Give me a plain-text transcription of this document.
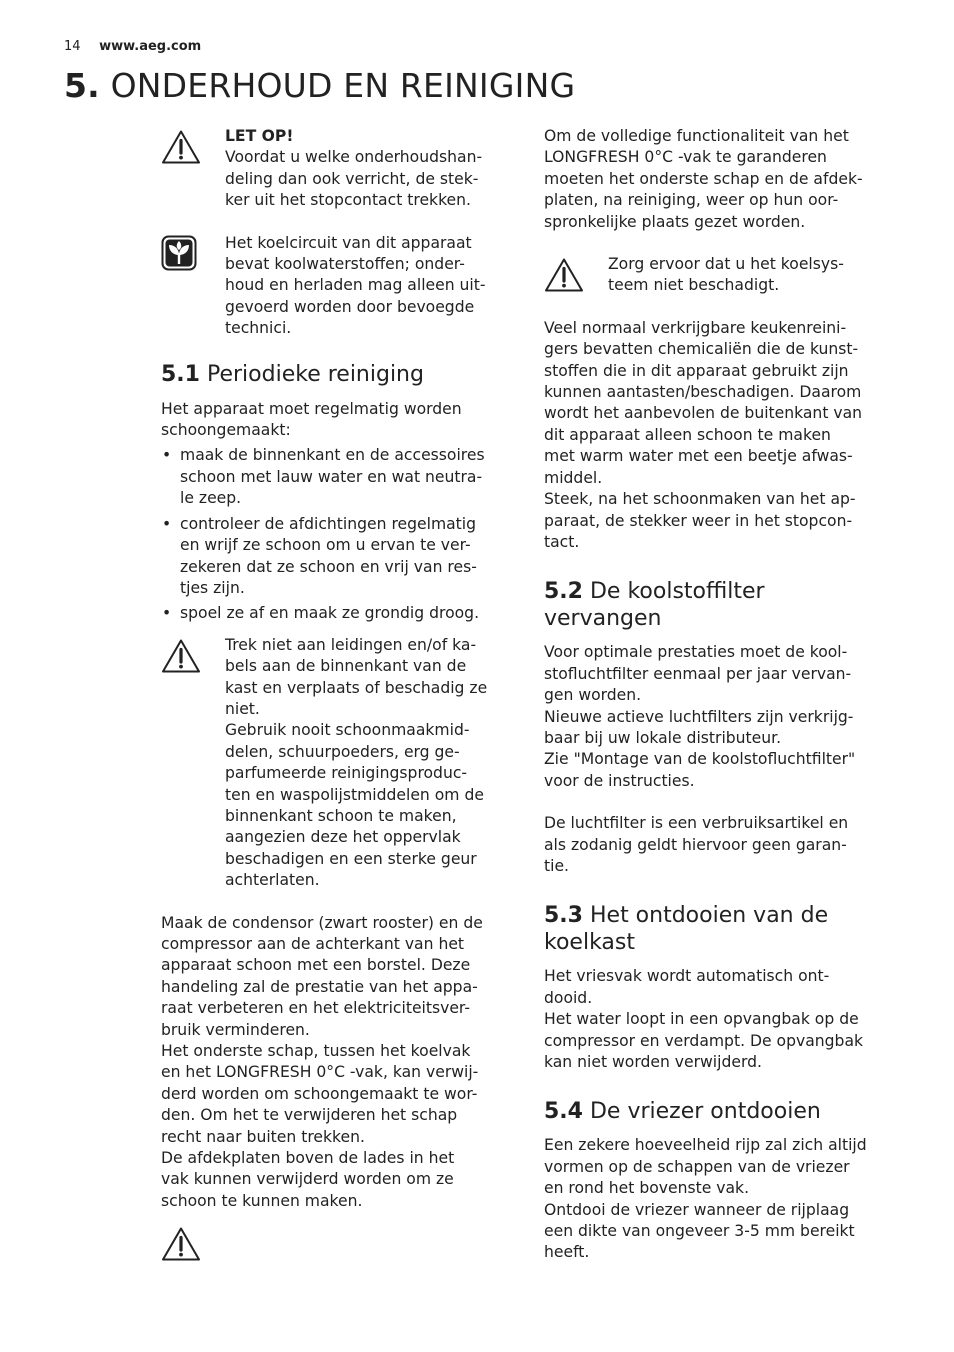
14 www.aeg.com
5. ONDERHOUD EN REINIGING

LET OP!

Voordat u welke onderhoudshan-
deling dan ook verricht, de stek-
ker uit het stopcontact trekken.

Het koelcircuit van dit apparaat
bevat koolwaterstoffen; onder-
houd en herladen mag alleen uit-
gevoerd worden door bevoegde
technici.

5.1 Periodieke reiniging

Het apparaat moet regelmatig worden
schoongemaakt:

• maak de binnenkant en de accessoires
schoon met lauw water en wat neutra-
le zeep.
• controleer de afdichtingen regelmatig
en wrijf ze schoon om u ervan te ver-
zekeren dat ze schoon en vrij van res-
tjes zijn.
• spoel ze af en maak ze grondig droog.

Trek niet aan leidingen en/of ka-
bels aan de binnenkant van de
kast en verplaats of beschadig ze
niet.
Gebruik nooit schoonmaakmid-
delen, schuurpoeders, erg ge-
parfumeerde reinigingsproduc-
ten en waspolijstmiddelen om de
binnenkant schoon te maken,
aangezien deze het oppervlak
beschadigen en een sterke geur
achterlaten.

Maak de condensor (zwart rooster) en de
compressor aan de achterkant van het
apparaat schoon met een borstel. Deze
handeling zal de prestatie van het appa-
raat verbeteren en het elektriciteitsver-
bruik verminderen.
Het onderste schap, tussen het koelvak
en het LONGFRESH 0°C -vak, kan verwij-
derd worden om schoongemaakt te wor-
den. Om het te verwijderen het schap
recht naar buiten trekken.
De afdekplaten boven de lades in het
vak kunnen verwijderd worden om ze
schoon te kunnen maken.

Om de volledige functionaliteit van het
LONGFRESH 0°C -vak te garanderen
moeten het onderste schap en de afdek-
platen, na reiniging, weer op hun oor-
spronkelijke plaats gezet worden.

Zorg ervoor dat u het koelsys-
teem niet beschadigt.

Veel normaal verkrijgbare keukenreini-
gers bevatten chemicaliën die de kunst-
stoffen die in dit apparaat gebruikt zijn
kunnen aantasten/beschadigen. Daarom
wordt het aanbevolen de buitenkant van
dit apparaat alleen schoon te maken
met warm water met een beetje afwas-
middel.
Steek, na het schoonmaken van het ap-
paraat, de stekker weer in het stopcon-
tact.

5.2 De koolstoffilter
vervangen

Voor optimale prestaties moet de kool-
stofluchtfilter eenmaal per jaar vervan-
gen worden.
Nieuwe actieve luchtfilters zijn verkrijg-
baar bij uw lokale distributeur.
Zie "Montage van de koolstofluchtfilter"
voor de instructies.

De luchtfilter is een verbruiksartikel en
als zodanig geldt hiervoor geen garan-
tie.

5.3 Het ontdooien van de
koelkast

Het vriesvak wordt automatisch ont-
dooid.
Het water loopt in een opvangbak op de
compressor en verdampt. De opvangbak
kan niet worden verwijderd.

5.4 De vriezer ontdooien

Een zekere hoeveelheid rijp zal zich altijd
vormen op de schappen van de vriezer
en rond het bovenste vak.
Ontdooi de vriezer wanneer de rijplaag
een dikte van ongeveer 3-5 mm bereikt
heeft.
